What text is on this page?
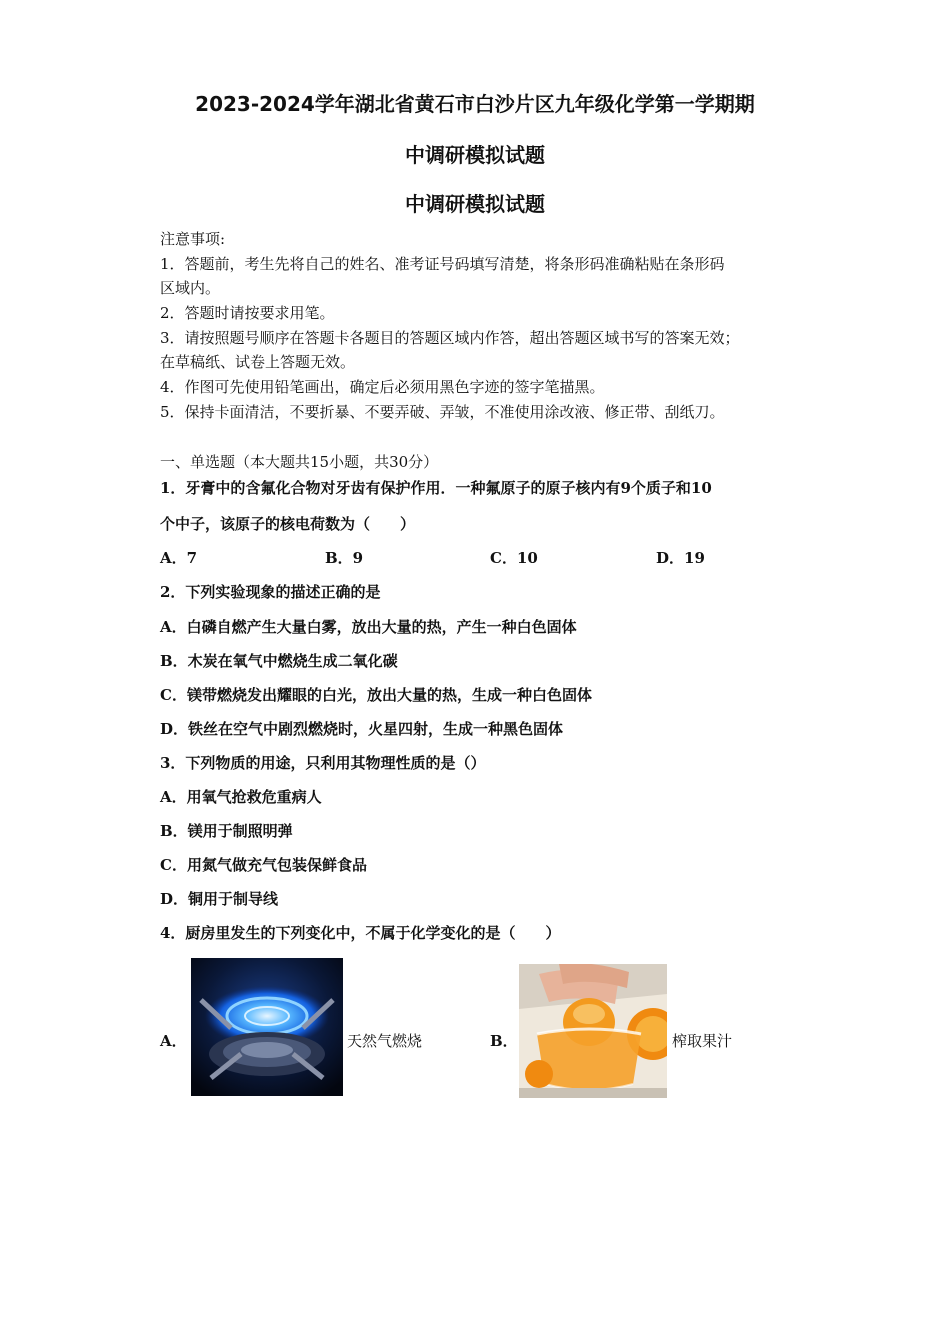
2023-2024学年湖北省黄石市白沙片区九年级化学第一学期期
中调研模拟试题
中调研模拟试题
注意事项:
1．答题前，考生先将自己的姓名、准考证号码填写清楚，将条形码准确粘贴在条形码
区域内。
2．答题时请按要求用笔。
3．请按照题号顺序在答题卡各题目的答题区域内作答，超出答题区域书写的答案无效；
在草稿纸、试卷上答题无效。
4．作图可先使用铅笔画出，确定后必须用黑色字迹的签字笔描黑。
5．保持卡面清洁，不要折暴、不要弄破、弄皱，不准使用涂改液、修正带、刮纸刀。
一、单选题（本大题共15小题，共30分）
1．牙膏中的含氟化合物对牙齿有保护作用．一种氟原子的原子核内有9个质子和10
个中子，该原子的核电荷数为（　　）
A．7	B．9	C．10	D．19
2．下列实验现象的描述正确的是
A．白磷自燃产生大量白雾，放出大量的热，产生一种白色固体
B．木炭在氧气中燃烧生成二氧化碳
C．镁带燃烧发出耀眼的白光，放出大量的热，生成一种白色固体
D．铁丝在空气中剧烈燃烧时，火星四射，生成一种黑色固体
3．下列物质的用途，只利用其物理性质的是（）
A．用氧气抢救危重病人
B．镁用于制照明弹
C．用氮气做充气包装保鲜食品
D．铜用于制导线
4．厨房里发生的下列变化中，不属于化学变化的是（　　）
A．	天然气燃烧	B．	榨取果汁
